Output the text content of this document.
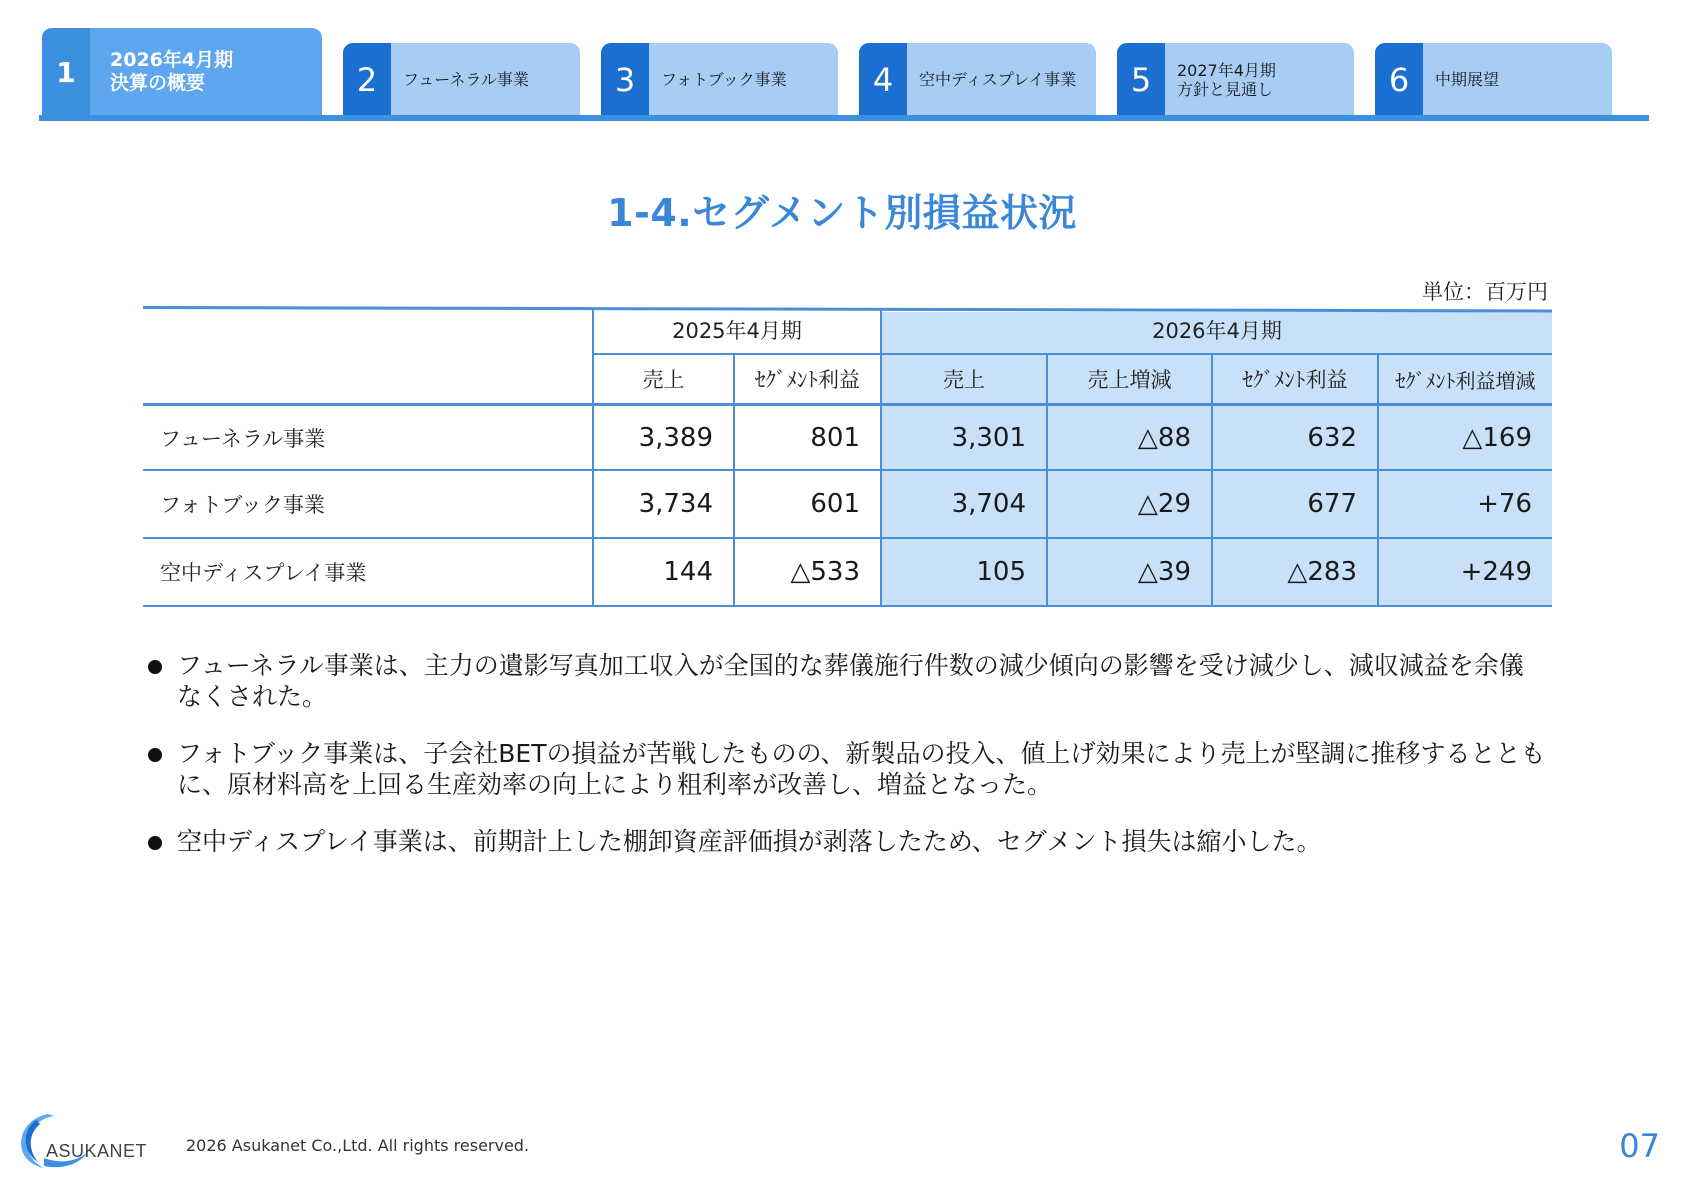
1	2026年4月期
決算の概要	2	フューネラル事業	3	フォトブック事業	4	空中ディスプレイ事業	5	2027年4月期
方針と見通し	6	中期展望
1-4.セグメント別損益状況
単位：百万円
2025年4月期	2026年4月期
売上	ｾｸﾞﾒﾝﾄ利益	売上	売上増減	ｾｸﾞﾒﾝﾄ利益	ｾｸﾞﾒﾝﾄ利益増減
フューネラル事業	3,389	801	3,301	△88	632	△169
フォトブック事業	3,734	601	3,704	△29	677	+76
空中ディスプレイ事業	144	△533	105	△39	△283	+249
フューネラル事業は、主力の遺影写真加工収入が全国的な葬儀施行件数の減少傾向の影響を受け減少し、減収減益を余儀なくされた。
フォトブック事業は、子会社BETの損益が苦戦したものの、新製品の投入、値上げ効果により売上が堅調に推移するとともに、原材料高を上回る生産効率の向上により粗利率が改善し、増益となった。
空中ディスプレイ事業は、前期計上した棚卸資産評価損が剥落したため、セグメント損失は縮小した。
ASUKANET 2026 Asukanet Co.,Ltd. All rights reserved.	07
